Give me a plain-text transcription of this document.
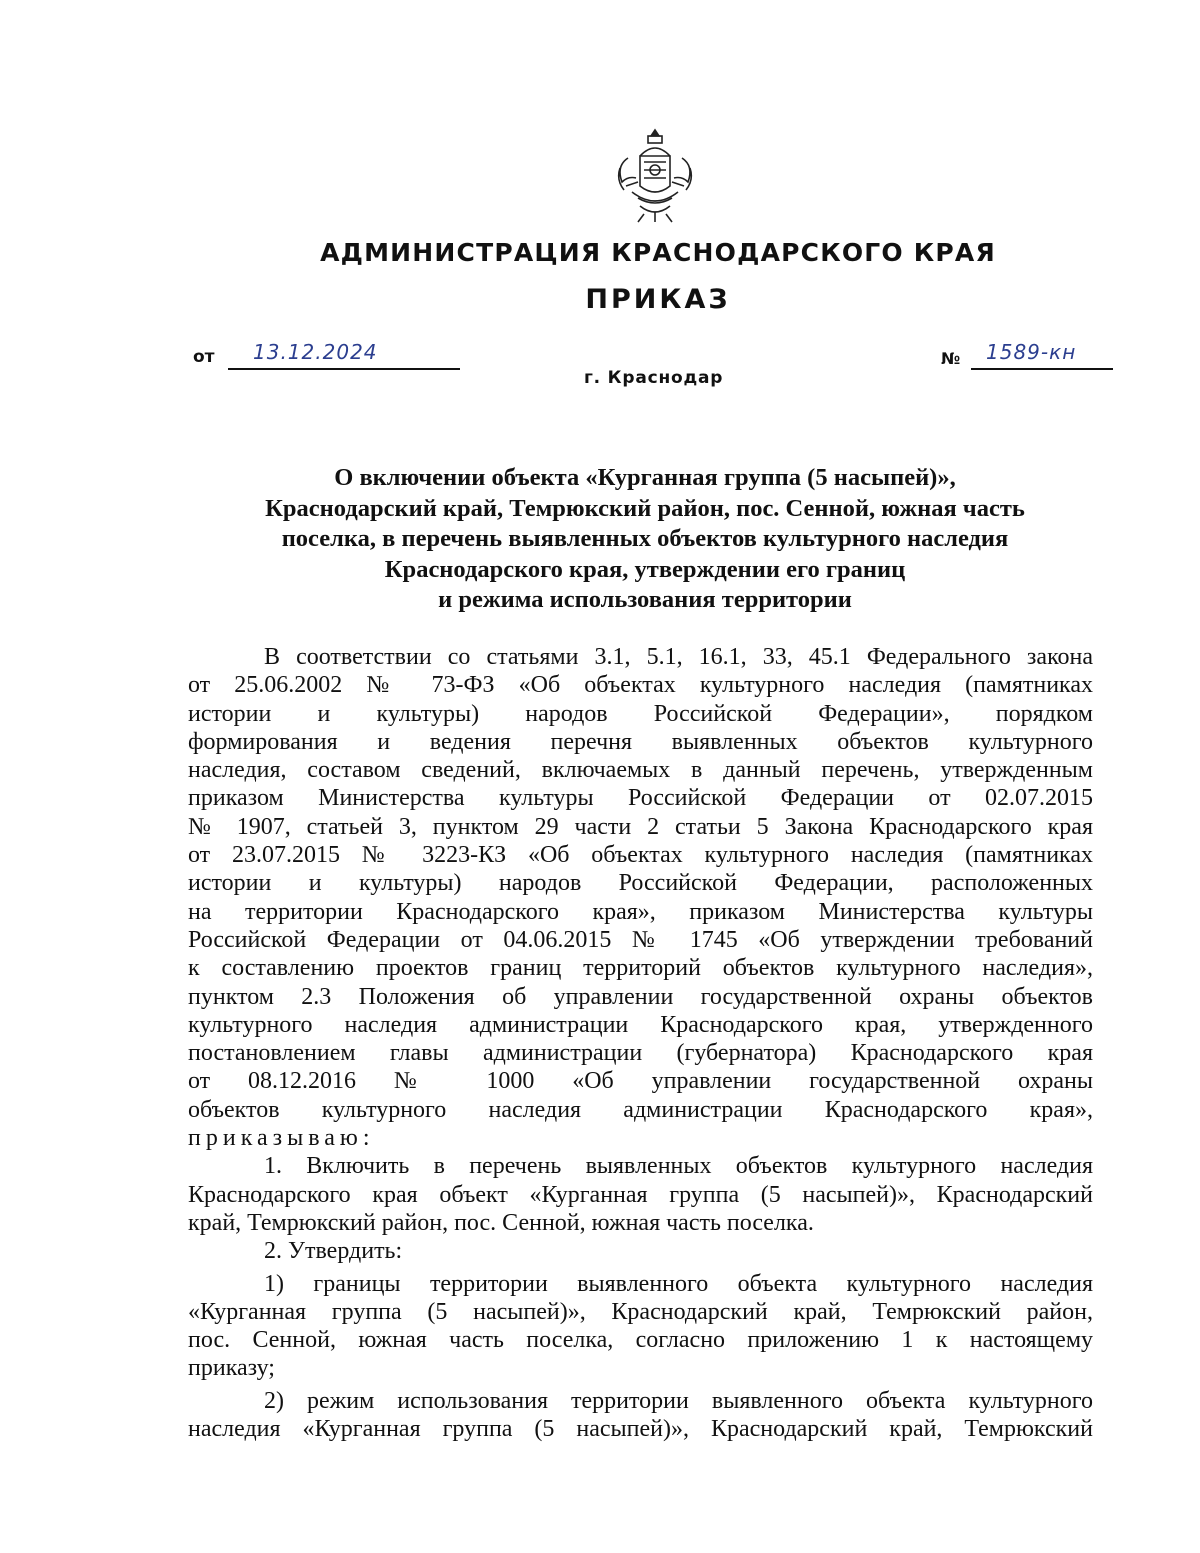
АДМИНИСТРАЦИЯ КРАСНОДАРСКОГО КРАЯ
ПРИКАЗ
от 13.12.2024	№ 1589-кн
г. Краснодар
О включении объекта «Курганная группа (5 насыпей)»,
Краснодарский край, Темрюкский район, пос. Сенной, южная часть
поселка, в перечень выявленных объектов культурного наследия
Краснодарского края, утверждении его границ
и режима использования территории
В соответствии со статьями 3.1, 5.1, 16.1, 33, 45.1 Федерального закона
от 25.06.2002 № 73-ФЗ «Об объектах культурного наследия (памятниках
истории и культуры) народов Российской Федерации», порядком
формирования и ведения перечня выявленных объектов культурного
наследия, составом сведений, включаемых в данный перечень, утвержденным
приказом Министерства культуры Российской Федерации от 02.07.2015
№ 1907, статьей 3, пунктом 29 части 2 статьи 5 Закона Краснодарского края
от 23.07.2015 № 3223-КЗ «Об объектах культурного наследия (памятниках
истории и культуры) народов Российской Федерации, расположенных
на территории Краснодарского края», приказом Министерства культуры
Российской Федерации от 04.06.2015 № 1745 «Об утверждении требований
к составлению проектов границ территорий объектов культурного наследия»,
пунктом 2.3 Положения об управлении государственной охраны объектов
культурного наследия администрации Краснодарского края, утвержденного
постановлением главы администрации (губернатора) Краснодарского края
от 08.12.2016 № 1000 «Об управлении государственной охраны
объектов культурного наследия администрации Краснодарского края»,
приказываю:
1. Включить в перечень выявленных объектов культурного наследия
Краснодарского края объект «Курганная группа (5 насыпей)», Краснодарский
край, Темрюкский район, пос. Сенной, южная часть поселка.
2. Утвердить:
1) границы территории выявленного объекта культурного наследия
«Курганная группа (5 насыпей)», Краснодарский край, Темрюкский район,
пос. Сенной, южная часть поселка, согласно приложению 1 к настоящему
приказу;
2) режим использования территории выявленного объекта культурного
наследия «Курганная группа (5 насыпей)», Краснодарский край, Темрюкский
